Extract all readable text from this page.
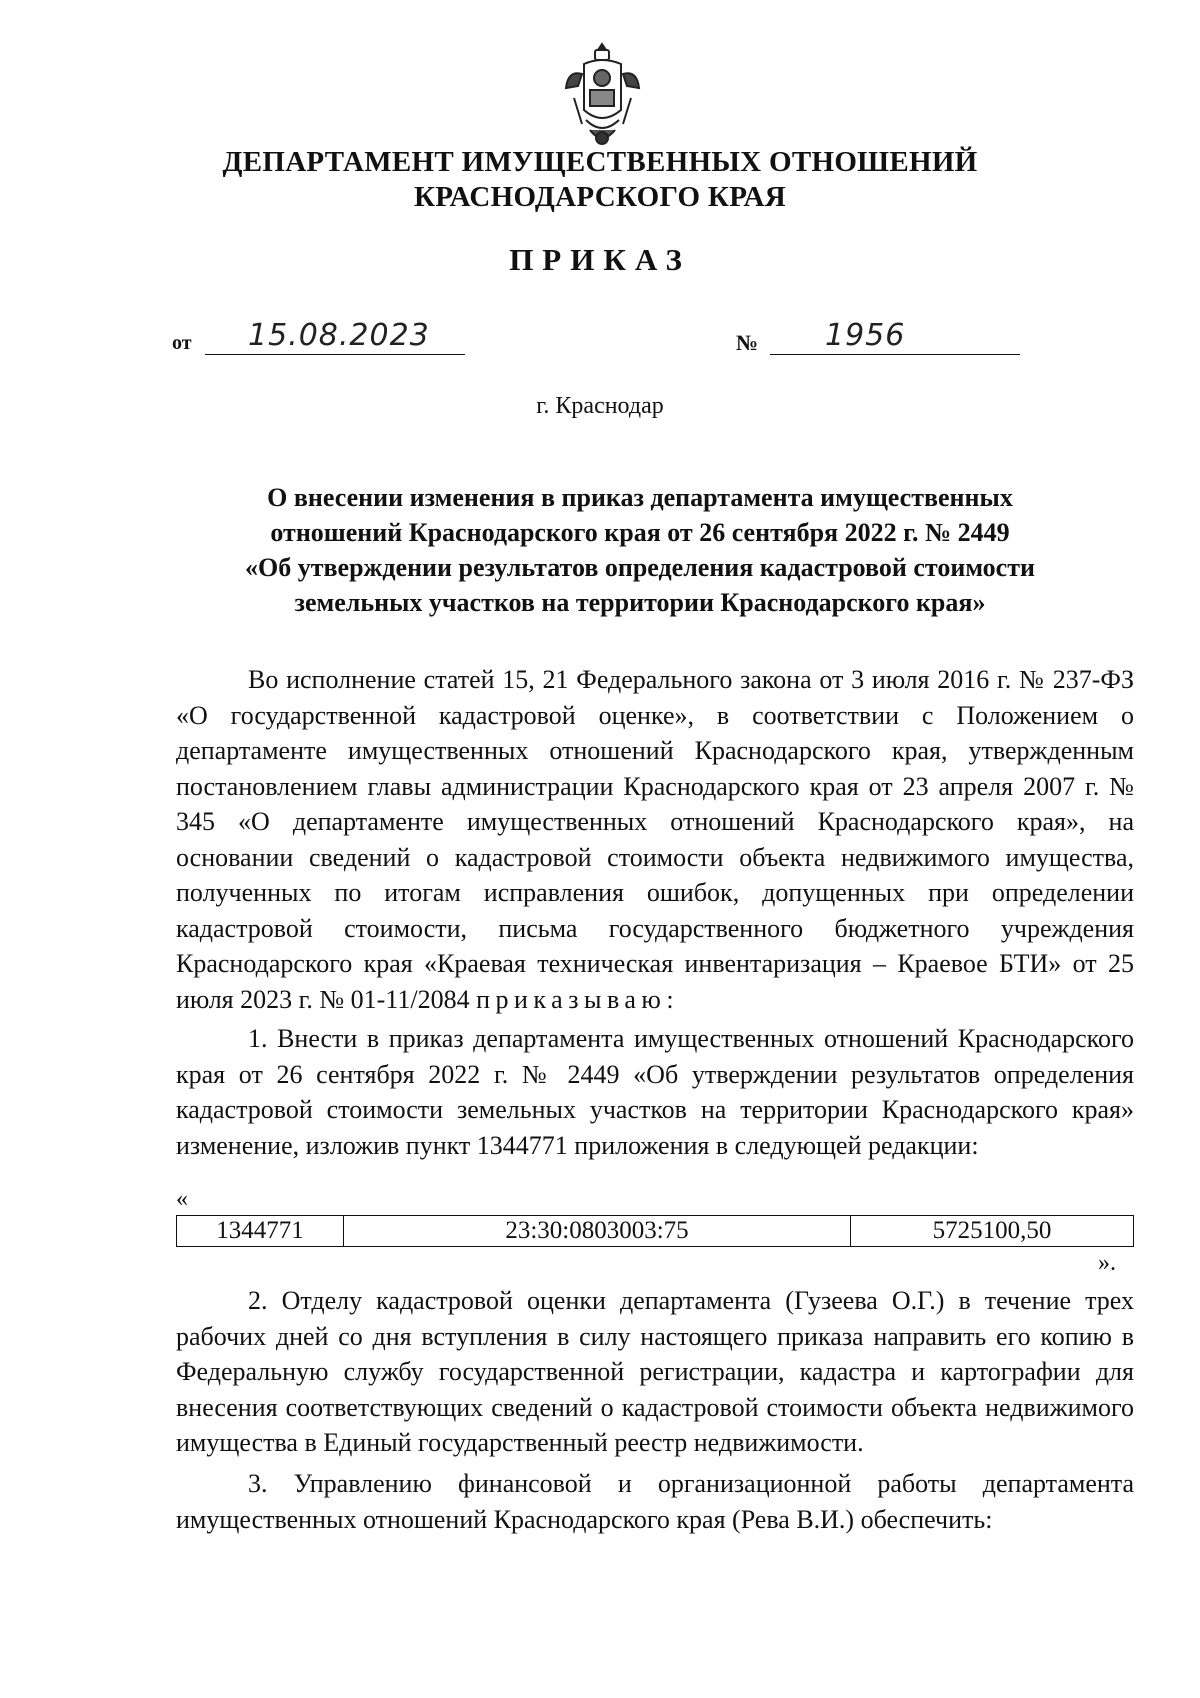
ДЕПАРТАМЕНТ ИМУЩЕСТВЕННЫХ ОТНОШЕНИЙ
КРАСНОДАРСКОГО КРАЯ
ПРИКАЗ
от 15.08.2023	№ 1956
г. Краснодар
О внесении изменения в приказ департамента имущественных
отношений Краснодарского края от 26 сентября 2022 г. № 2449
«Об утверждении результатов определения кадастровой стоимости
земельных участков на территории Краснодарского края»
Во исполнение статей 15, 21 Федерального закона от 3 июля 2016 г. № 237-ФЗ «О государственной кадастровой оценке», в соответствии с Положением о департаменте имущественных отношений Краснодарского края, утвержденным постановлением главы администрации Краснодарского края от 23 апреля 2007 г. № 345 «О департаменте имущественных отношений Краснодарского края», на основании сведений о кадастровой стоимости объекта недвижимого имущества, полученных по итогам исправления ошибок, допущенных при определении кадастровой стоимости, письма государственного бюджетного учреждения Краснодарского края «Краевая техническая инвентаризация – Краевое БТИ» от 25 июля 2023 г. № 01-11/2084 приказываю:
1. Внести в приказ департамента имущественных отношений Краснодарского края от 26 сентября 2022 г. № 2449 «Об утверждении результатов определения кадастровой стоимости земельных участков на территории Краснодарского края» изменение, изложив пункт 1344771 приложения в следующей редакции:
«
1344771	23:30:0803003:75	5725100,50
».
2. Отделу кадастровой оценки департамента (Гузеева О.Г.) в течение трех рабочих дней со дня вступления в силу настоящего приказа направить его копию в Федеральную службу государственной регистрации, кадастра и картографии для внесения соответствующих сведений о кадастровой стоимости объекта недвижимого имущества в Единый государственный реестр недвижимости.
3. Управлению финансовой и организационной работы департамента имущественных отношений Краснодарского края (Рева В.И.) обеспечить:
